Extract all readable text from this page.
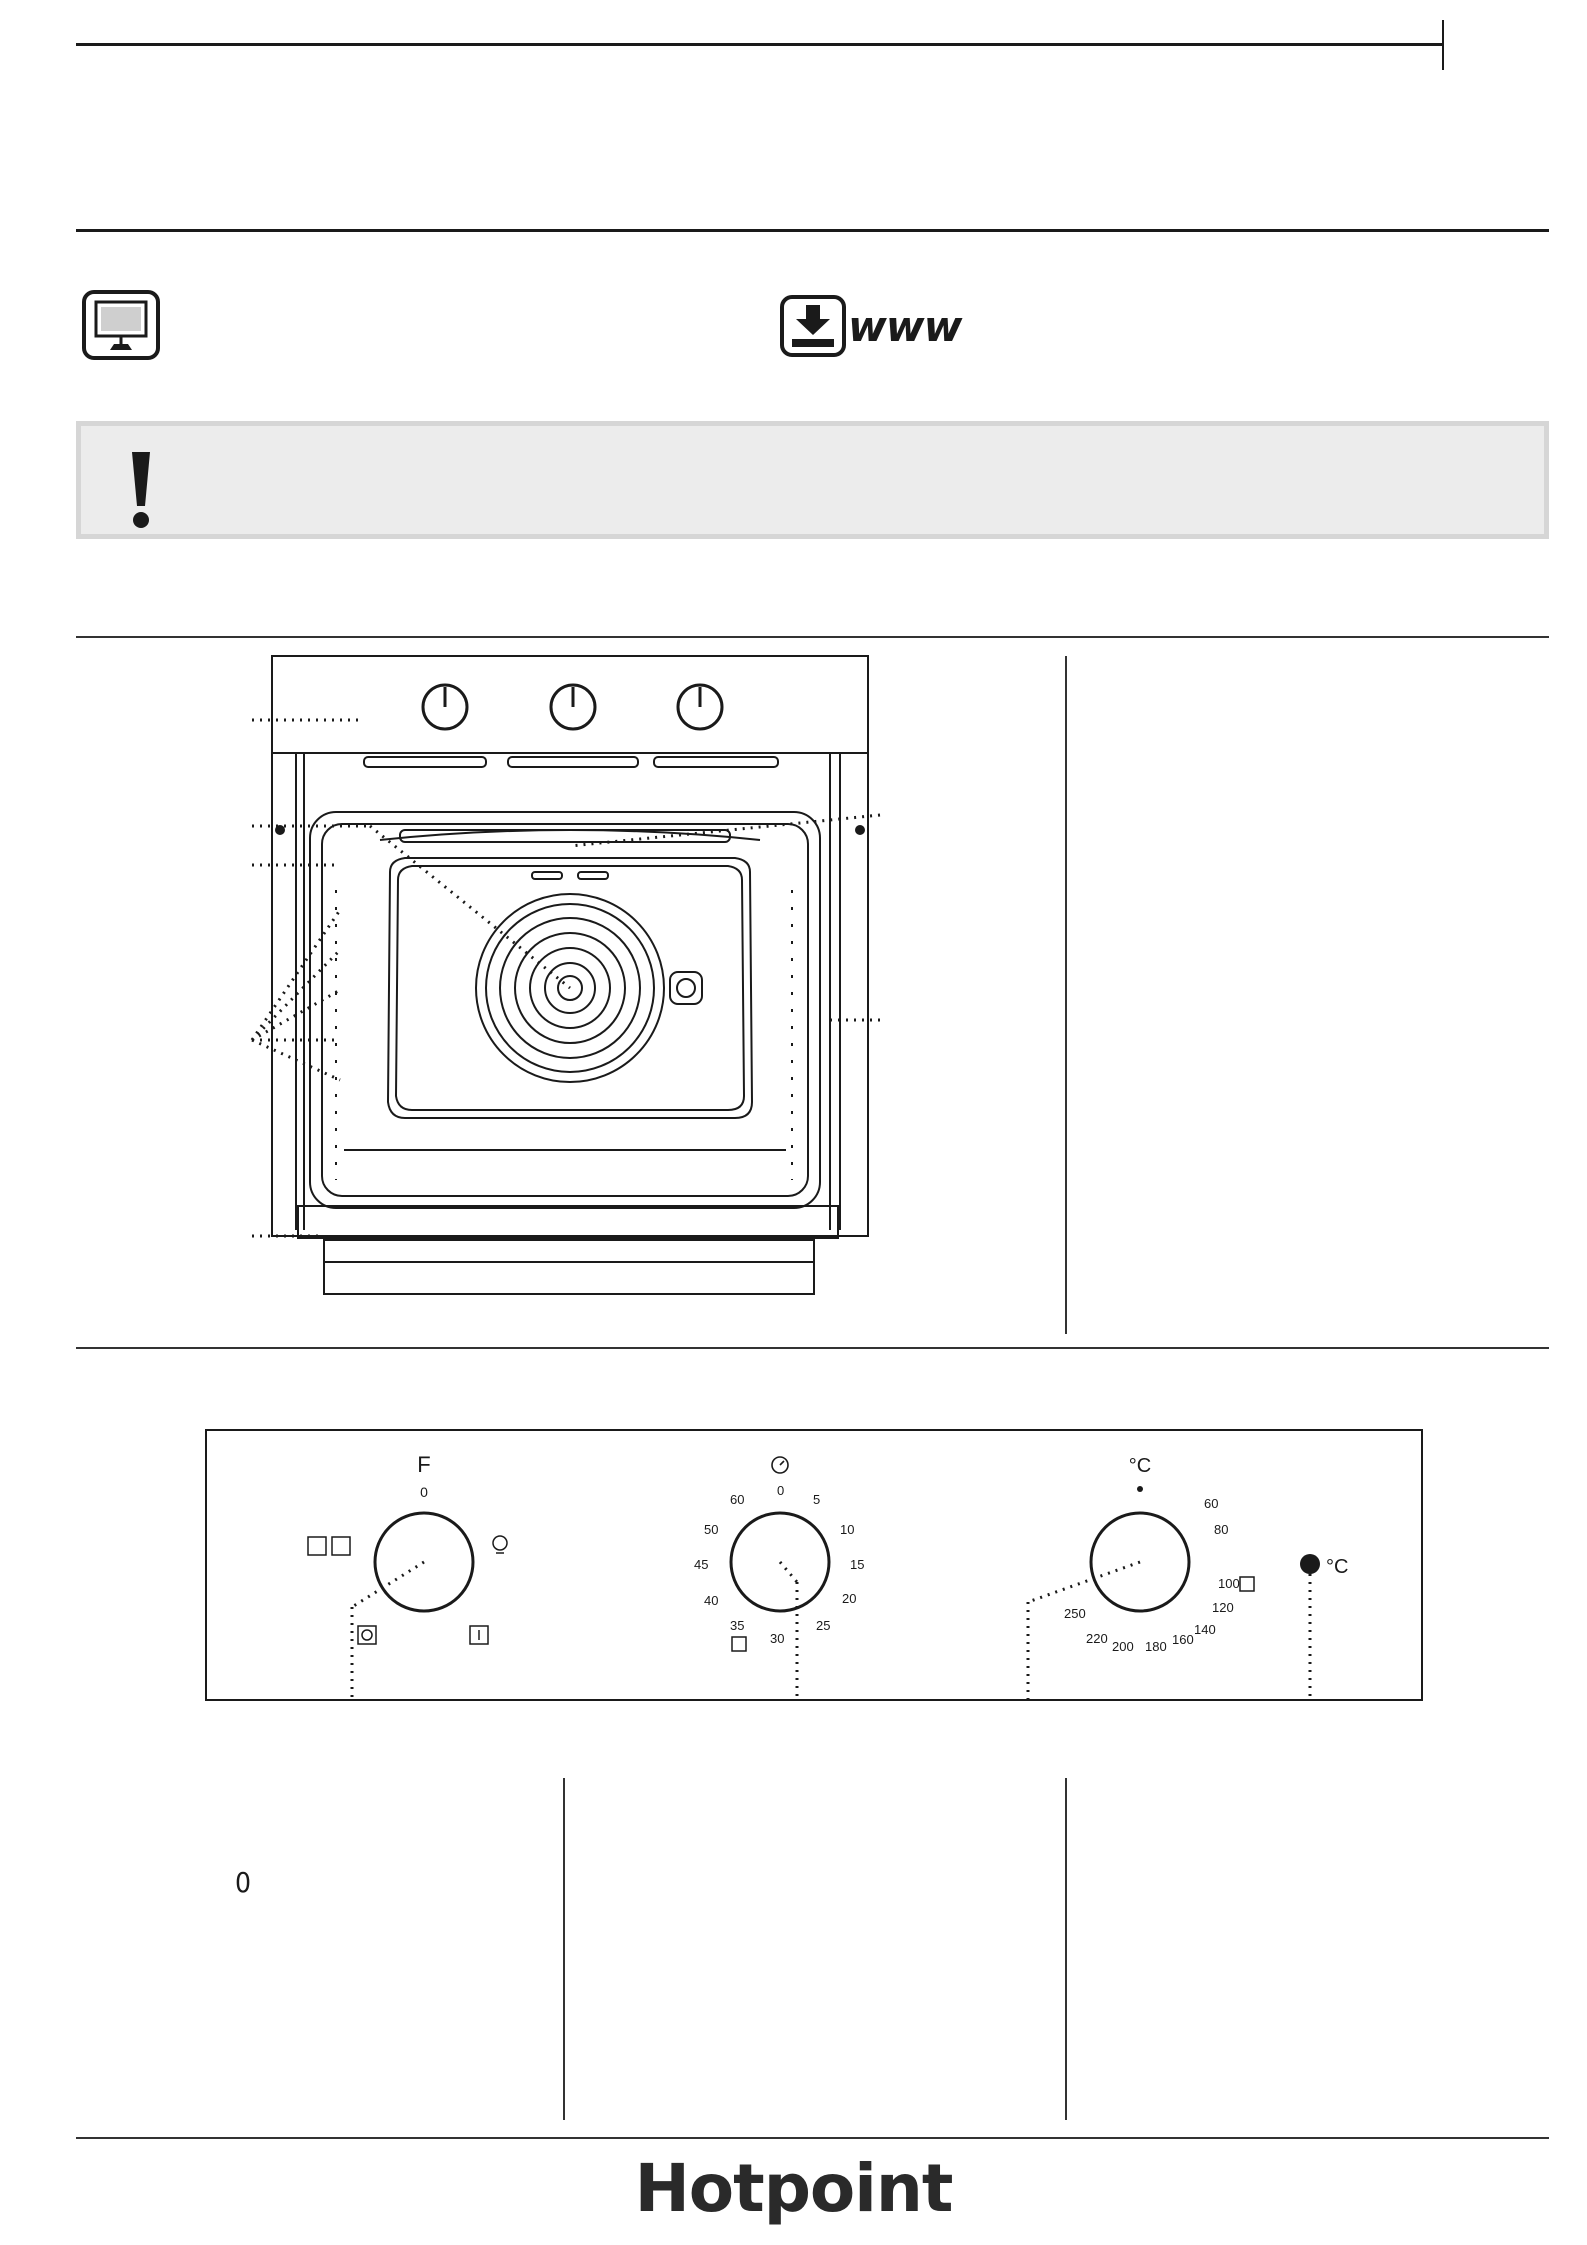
www
F
0	0
5
10
15
20
25
30
35
40
45
50
60
°C
60
80
100
120
140
160
180
200
220
250
°C
0
Hotpoint
